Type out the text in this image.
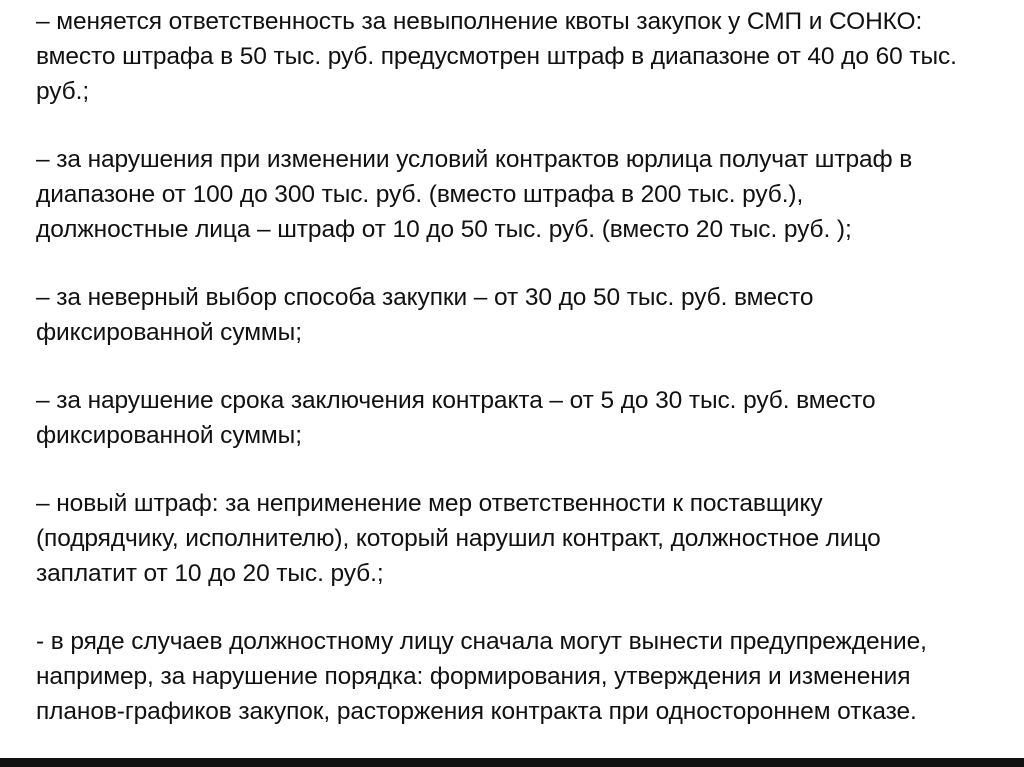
– меняется ответственность за невыполнение квоты закупок у СМП и СОНКО:
вместо штрафа в 50 тыс. руб. предусмотрен штраф в диапазоне от 40 до 60 тыс.
руб.;

– за нарушения при изменении условий контрактов юрлица получат штраф в
диапазоне от 100 до 300 тыс. руб. (вместо штрафа в 200 тыс. руб.),
должностные лица – штраф от 10 до 50 тыс. руб. (вместо 20 тыс. руб. );

– за неверный выбор способа закупки – от 30 до 50 тыс. руб. вместо
фиксированной суммы;

– за нарушение срока заключения контракта – от 5 до 30 тыс. руб. вместо
фиксированной суммы;

– новый штраф: за неприменение мер ответственности к поставщику
(подрядчику, исполнителю), который нарушил контракт, должностное лицо
заплатит от 10 до 20 тыс. руб.;

- в ряде случаев должностному лицу сначала могут вынести предупреждение,
например, за нарушение порядка: формирования, утверждения и изменения
планов-графиков закупок, расторжения контракта при одностороннем отказе.
